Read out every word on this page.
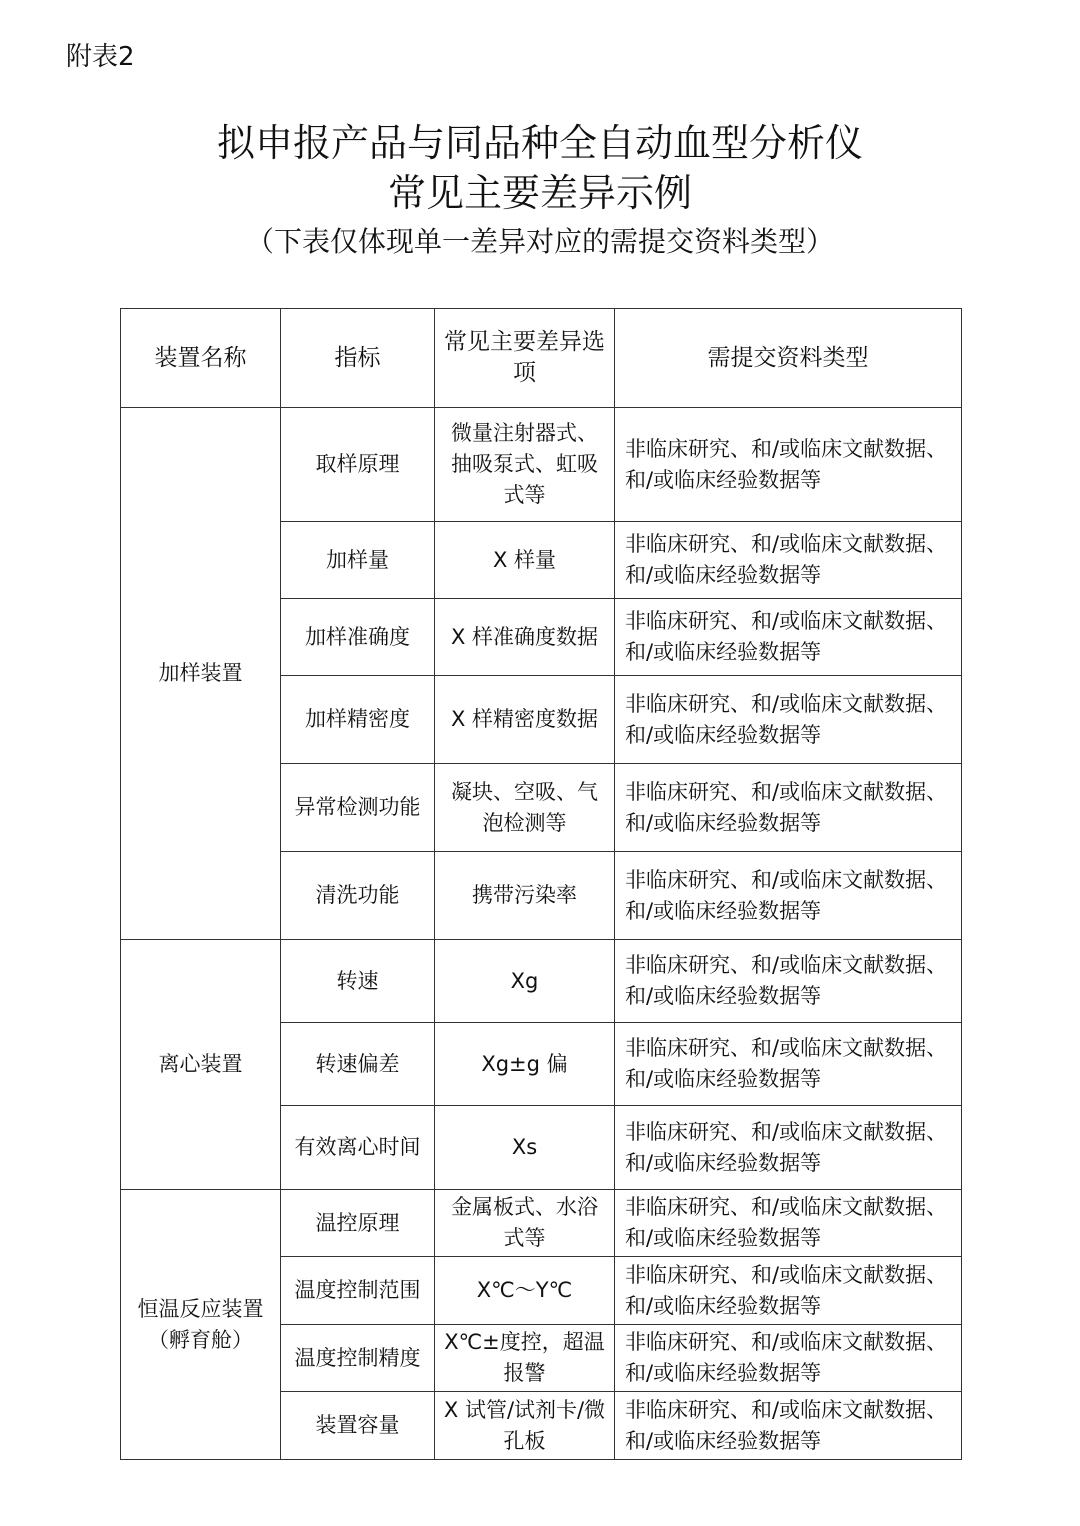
附表2
拟申报产品与同品种全自动血型分析仪
常见主要差异示例
（下表仅体现单一差异对应的需提交资料类型）
装置名称	指标	常见主要差异选项	需提交资料类型
加样装置	取样原理	微量注射器式、抽吸泵式、虹吸式等	非临床研究、和/或临床文献数据、和/或临床经验数据等
	加样量	X 样量	非临床研究、和/或临床文献数据、和/或临床经验数据等
	加样准确度	X 样准确度数据	非临床研究、和/或临床文献数据、和/或临床经验数据等
	加样精密度	X 样精密度数据	非临床研究、和/或临床文献数据、和/或临床经验数据等
	异常检测功能	凝块、空吸、气泡检测等	非临床研究、和/或临床文献数据、和/或临床经验数据等
	清洗功能	携带污染率	非临床研究、和/或临床文献数据、和/或临床经验数据等
离心装置	转速	Xg	非临床研究、和/或临床文献数据、和/或临床经验数据等
	转速偏差	Xg±g 偏	非临床研究、和/或临床文献数据、和/或临床经验数据等
	有效离心时间	Xs	非临床研究、和/或临床文献数据、和/或临床经验数据等
恒温反应装置（孵育舱）	温控原理	金属板式、水浴式等	非临床研究、和/或临床文献数据、和/或临床经验数据等
	温度控制范围	X℃～Y℃	非临床研究、和/或临床文献数据、和/或临床经验数据等
	温度控制精度	X℃±度控，超温报警	非临床研究、和/或临床文献数据、和/或临床经验数据等
	装置容量	X 试管/试剂卡/微孔板	非临床研究、和/或临床文献数据、和/或临床经验数据等
